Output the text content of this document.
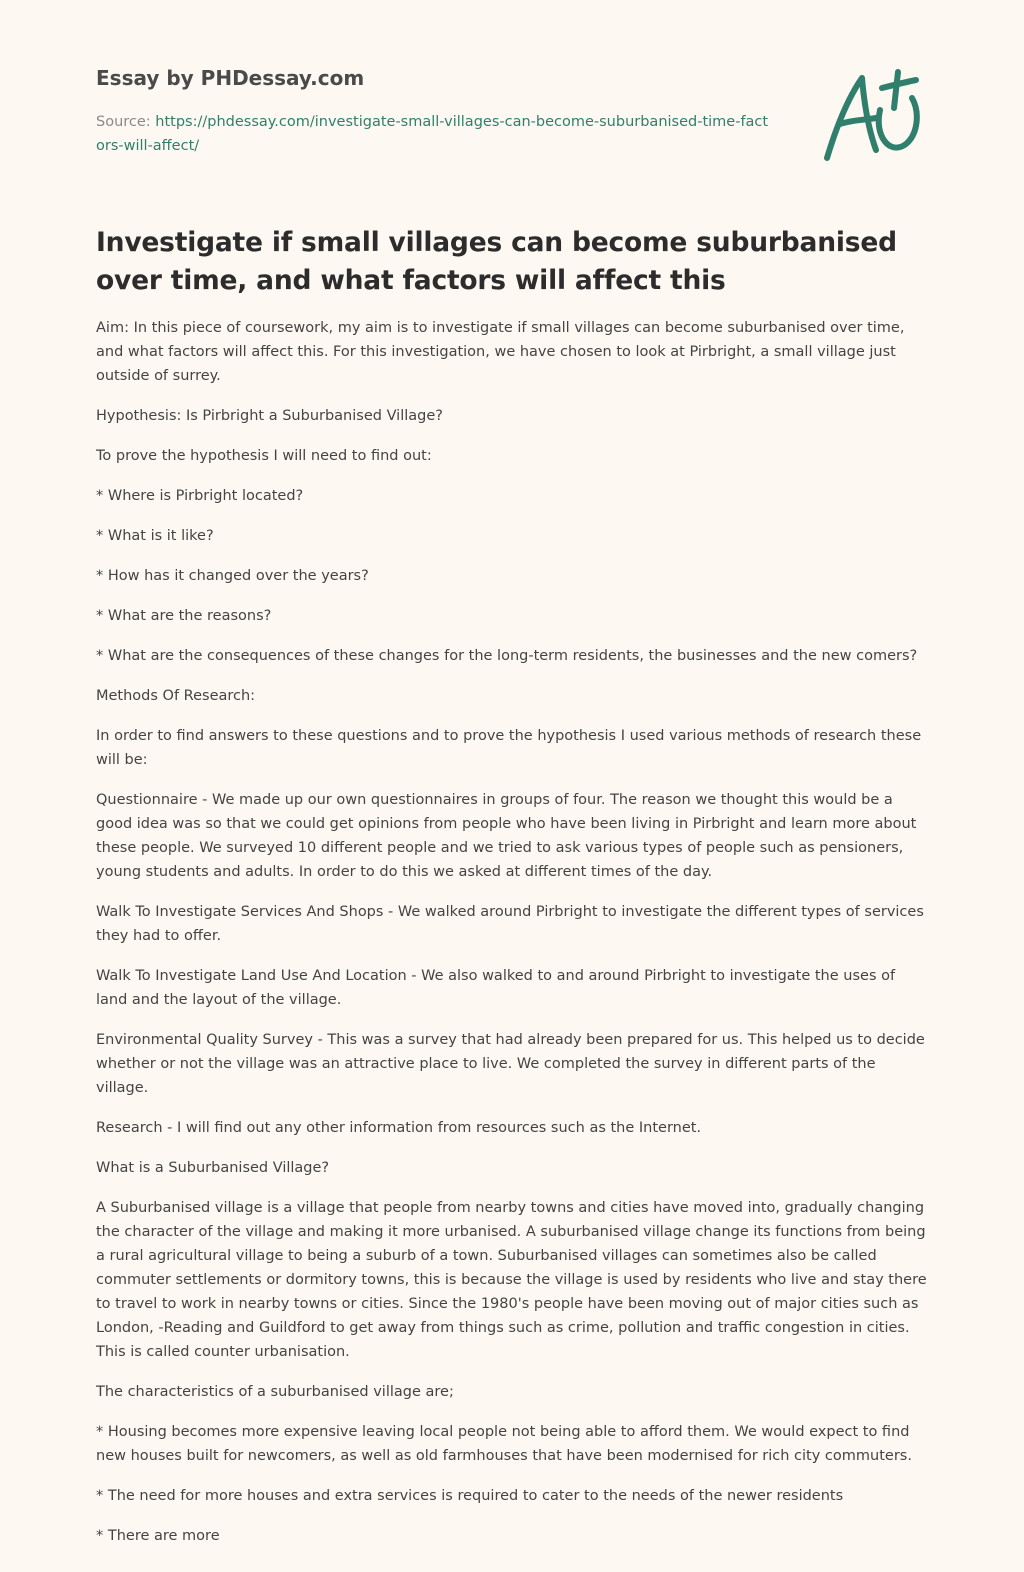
Essay by PHDessay.com

Source: https://phdessay.com/investigate-small-villages-can-become-suburbanised-time-factors-will-affect/
Investigate if small villages can become suburbanised over time, and what factors will affect this

Aim: In this piece of coursework, my aim is to investigate if small villages can become suburbanised over time, and what factors will affect this. For this investigation, we have chosen to look at Pirbright, a small village just outside of surrey.

Hypothesis: Is Pirbright a Suburbanised Village?

To prove the hypothesis I will need to find out:

* Where is Pirbright located?

* What is it like?

* How has it changed over the years?

* What are the reasons?

* What are the consequences of these changes for the long-term residents, the businesses and the new comers?

Methods Of Research:

In order to find answers to these questions and to prove the hypothesis I used various methods of research these will be:

Questionnaire - We made up our own questionnaires in groups of four. The reason we thought this would be a good idea was so that we could get opinions from people who have been living in Pirbright and learn more about these people. We surveyed 10 different people and we tried to ask various types of people such as pensioners, young students and adults. In order to do this we asked at different times of the day.

Walk To Investigate Services And Shops - We walked around Pirbright to investigate the different types of services they had to offer.

Walk To Investigate Land Use And Location - We also walked to and around Pirbright to investigate the uses of land and the layout of the village.

Environmental Quality Survey - This was a survey that had already been prepared for us. This helped us to decide whether or not the village was an attractive place to live. We completed the survey in different parts of the village.

Research - I will find out any other information from resources such as the Internet.

What is a Suburbanised Village?

A Suburbanised village is a village that people from nearby towns and cities have moved into, gradually changing the character of the village and making it more urbanised. A suburbanised village change its functions from being a rural agricultural village to being a suburb of a town. Suburbanised villages can sometimes also be called commuter settlements or dormitory towns, this is because the village is used by residents who live and stay there to travel to work in nearby towns or cities. Since the 1980's people have been moving out of major cities such as London, -Reading and Guildford to get away from things such as crime, pollution and traffic congestion in cities. This is called counter urbanisation.

The characteristics of a suburbanised village are;

* Housing becomes more expensive leaving local people not being able to afford them. We would expect to find new houses built for newcomers, as well as old farmhouses that have been modernised for rich city commuters.

* The need for more houses and extra services is required to cater to the needs of the newer residents

* There are more
